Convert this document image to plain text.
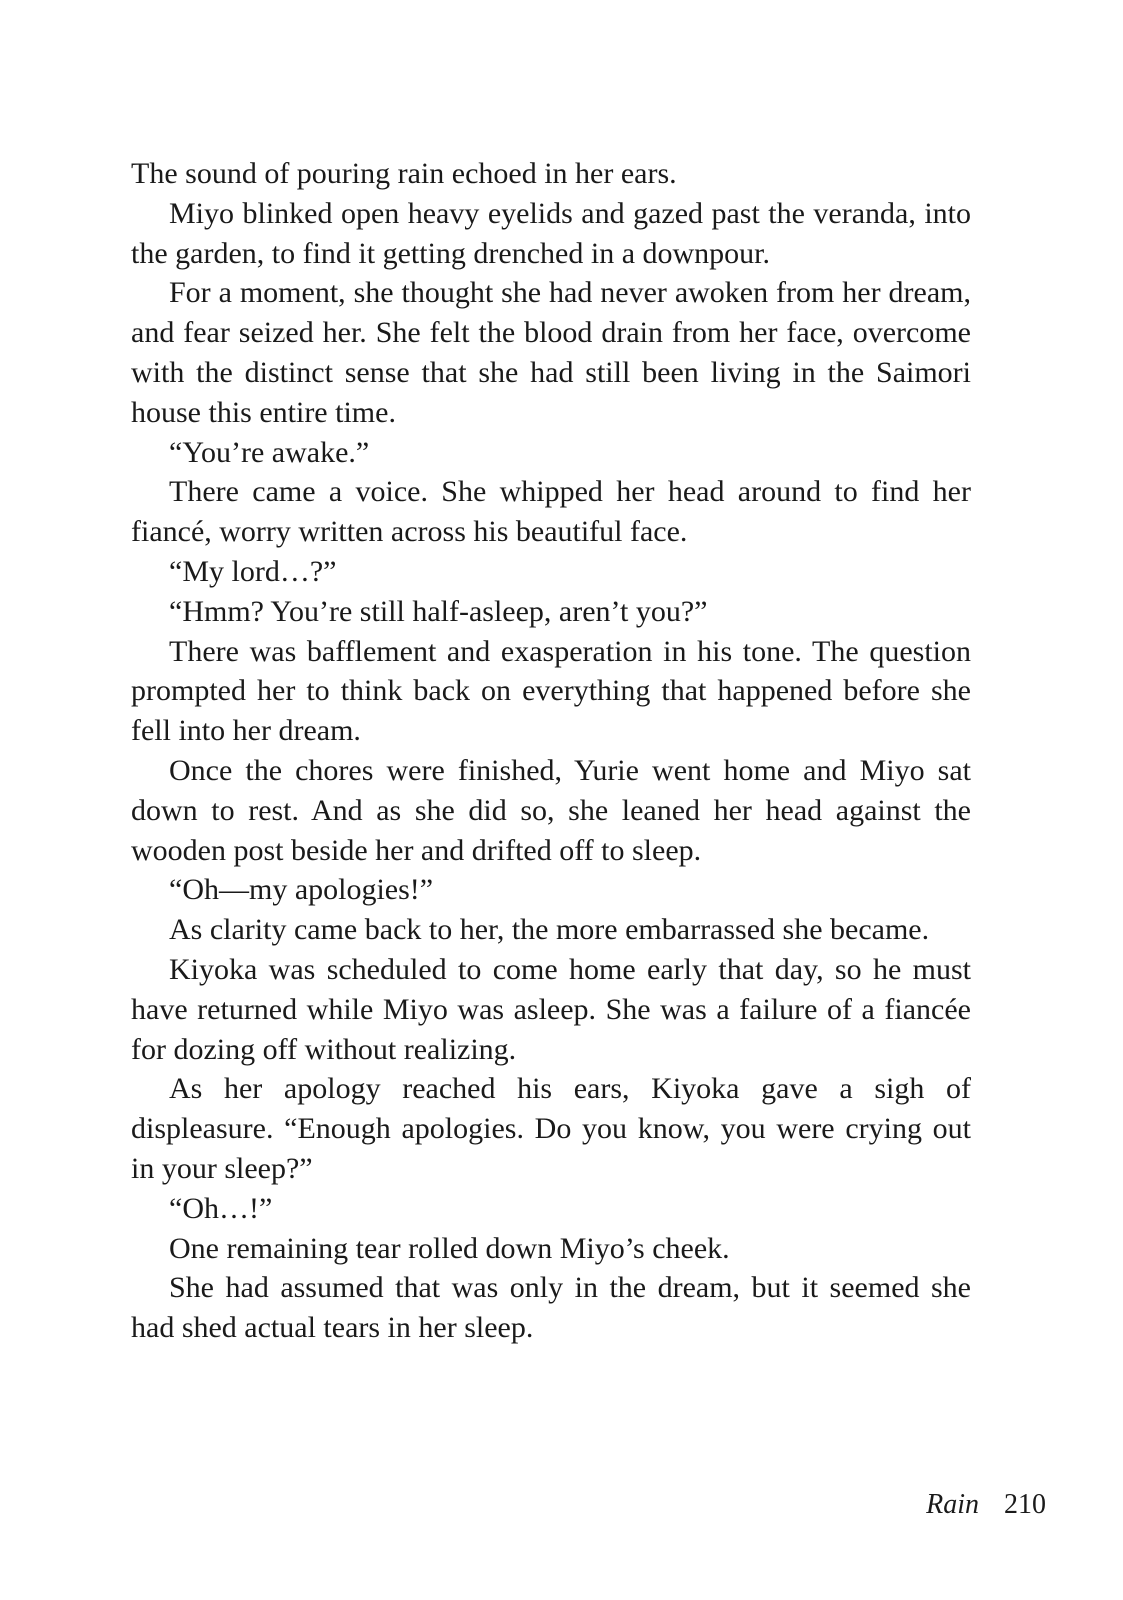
The sound of pouring rain echoed in her ears.

Miyo blinked open heavy eyelids and gazed past the veranda, into the garden, to find it getting drenched in a downpour.

For a moment, she thought she had never awoken from her dream, and fear seized her. She felt the blood drain from her face, overcome with the distinct sense that she had still been living in the Saimori house this entire time.

“You’re awake.”

There came a voice. She whipped her head around to find her fiancé, worry written across his beautiful face.

“My lord…?”

“Hmm? You’re still half-asleep, aren’t you?”

There was bafflement and exasperation in his tone. The question prompted her to think back on everything that happened before she fell into her dream.

Once the chores were finished, Yurie went home and Miyo sat down to rest. And as she did so, she leaned her head against the wooden post beside her and drifted off to sleep.

“Oh—my apologies!”

As clarity came back to her, the more embarrassed she became.

Kiyoka was scheduled to come home early that day, so he must have returned while Miyo was asleep. She was a failure of a fiancée for dozing off without realizing.

As her apology reached his ears, Kiyoka gave a sigh of displeasure. “Enough apologies. Do you know, you were crying out in your sleep?”

“Oh…!”

One remaining tear rolled down Miyo’s cheek.

She had assumed that was only in the dream, but it seemed she had shed actual tears in her sleep.

Rain 210
